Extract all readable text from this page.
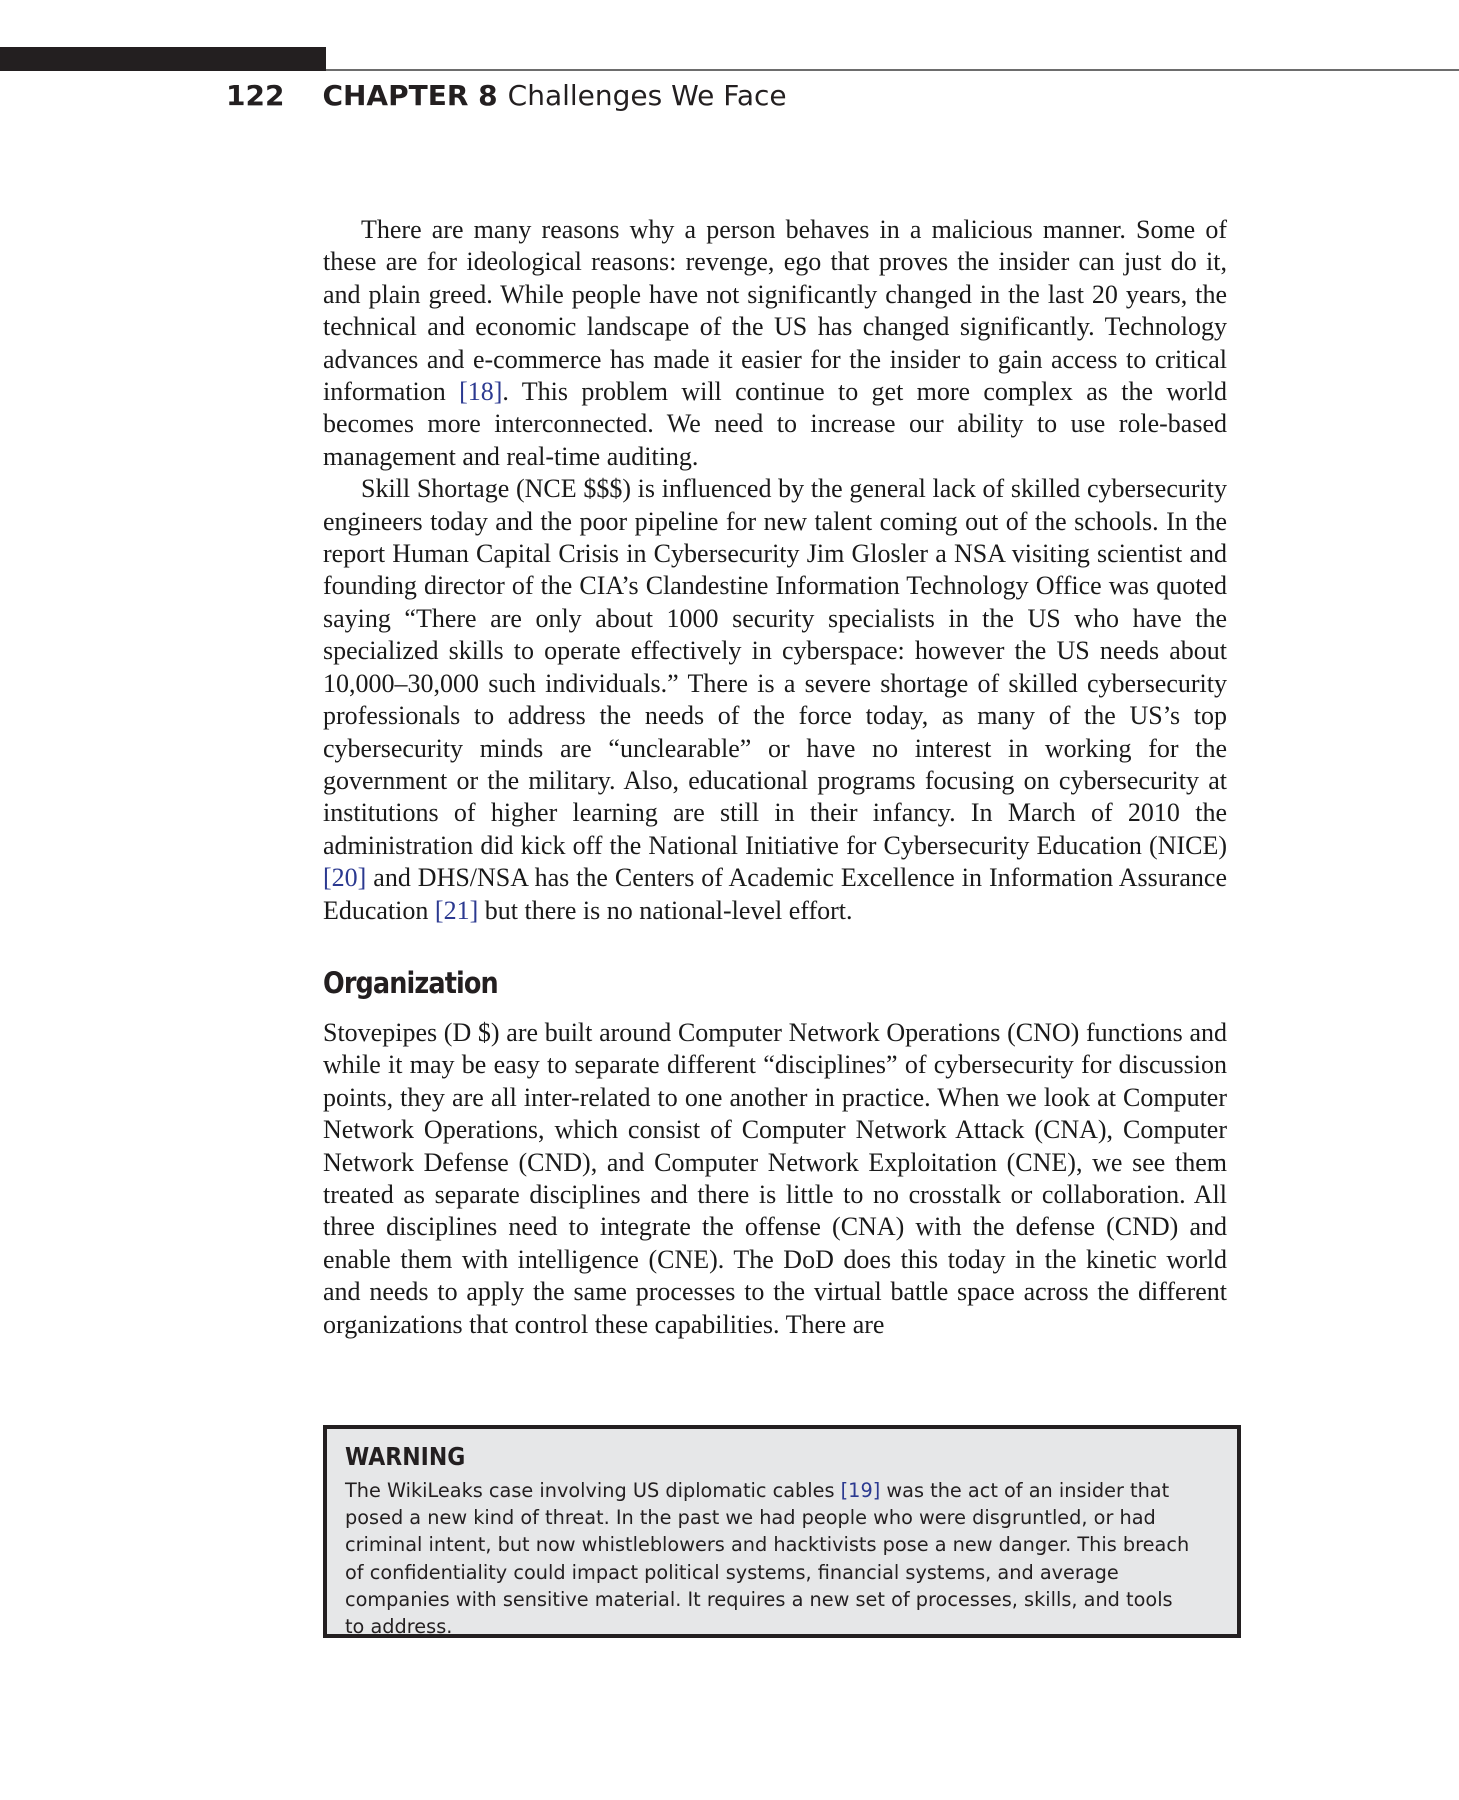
122 CHAPTER 8 Challenges We Face

There are many reasons why a person behaves in a malicious manner. Some of these are for ideological reasons: revenge, ego that proves the insider can just do it, and plain greed. While people have not significantly changed in the last 20 years, the technical and economic landscape of the US has changed significantly. Technology advances and e-commerce has made it easier for the insider to gain access to critical information [18]. This problem will continue to get more complex as the world becomes more interconnected. We need to increase our ability to use role-based management and real-time auditing.

Skill Shortage (NCE $$$) is influenced by the general lack of skilled cybersecurity engineers today and the poor pipeline for new talent coming out of the schools. In the report Human Capital Crisis in Cybersecurity Jim Glosler a NSA visiting scientist and founding director of the CIA’s Clandestine Information Technology Office was quoted saying “There are only about 1000 security specialists in the US who have the specialized skills to operate effectively in cyberspace: however the US needs about 10,000–30,000 such individuals.” There is a severe shortage of skilled cybersecurity professionals to address the needs of the force today, as many of the US’s top cybersecurity minds are “unclearable” or have no interest in working for the government or the military. Also, educational programs focusing on cybersecurity at institutions of higher learning are still in their infancy. In March of 2010 the administration did kick off the National Initiative for Cybersecurity Education (NICE) [20] and DHS/NSA has the Centers of Academic Excellence in Information Assurance Education [21] but there is no national-level effort.

Organization

Stovepipes (D $) are built around Computer Network Operations (CNO) functions and while it may be easy to separate different “disciplines” of cybersecurity for discussion points, they are all inter-related to one another in practice. When we look at Computer Network Operations, which consist of Computer Network Attack (CNA), Computer Network Defense (CND), and Computer Network Exploitation (CNE), we see them treated as separate disciplines and there is little to no crosstalk or collaboration. All three disciplines need to integrate the offense (CNA) with the defense (CND) and enable them with intelligence (CNE). The DoD does this today in the kinetic world and needs to apply the same processes to the virtual battle space across the different organizations that control these capabilities. There are

WARNING

The WikiLeaks case involving US diplomatic cables [19] was the act of an insider that posed a new kind of threat. In the past we had people who were disgruntled, or had criminal intent, but now whistleblowers and hacktivists pose a new danger. This breach of confidentiality could impact political systems, financial systems, and average companies with sensitive material. It requires a new set of processes, skills, and tools to address.
